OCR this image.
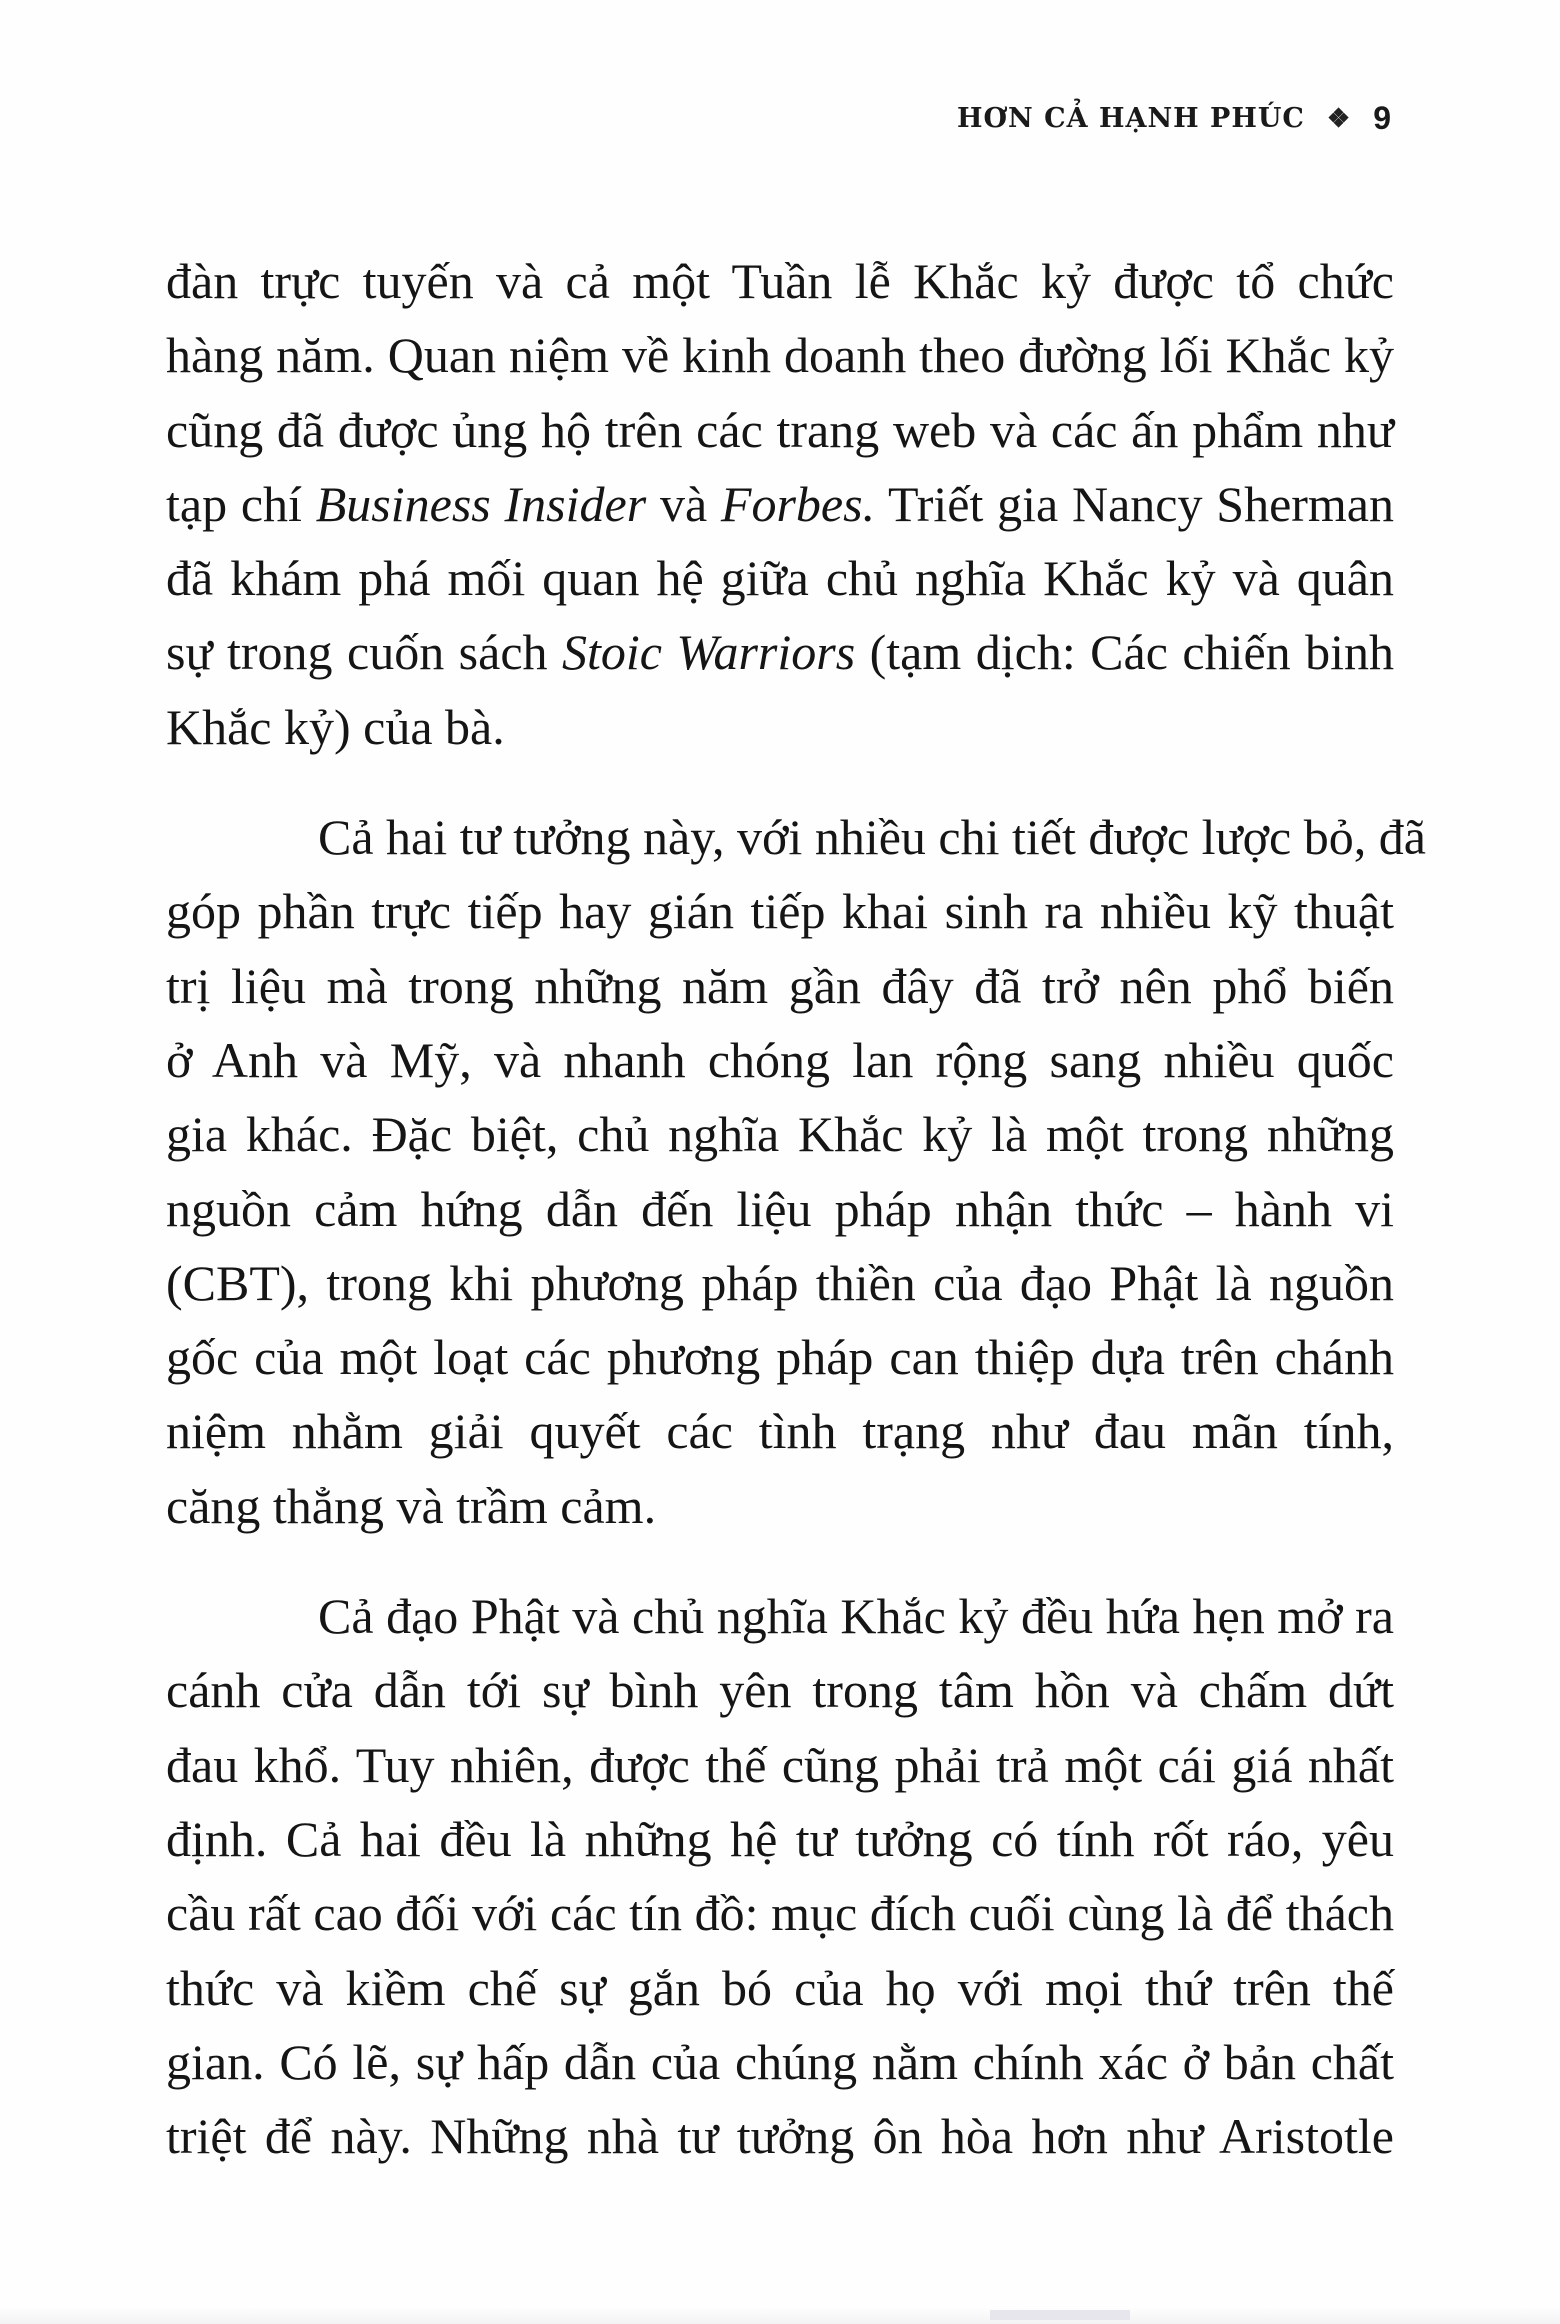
HƠN CẢ HẠNH PHÚC ❖ 9
đàn trực tuyến và cả một Tuần lễ Khắc kỷ được tổ chức
hàng năm. Quan niệm về kinh doanh theo đường lối Khắc kỷ
cũng đã được ủng hộ trên các trang web và các ấn phẩm như
tạp chí Business Insider và Forbes. Triết gia Nancy Sherman
đã khám phá mối quan hệ giữa chủ nghĩa Khắc kỷ và quân
sự trong cuốn sách Stoic Warriors (tạm dịch: Các chiến binh
Khắc kỷ) của bà.
Cả hai tư tưởng này, với nhiều chi tiết được lược bỏ, đã
góp phần trực tiếp hay gián tiếp khai sinh ra nhiều kỹ thuật
trị liệu mà trong những năm gần đây đã trở nên phổ biến
ở Anh và Mỹ, và nhanh chóng lan rộng sang nhiều quốc
gia khác. Đặc biệt, chủ nghĩa Khắc kỷ là một trong những
nguồn cảm hứng dẫn đến liệu pháp nhận thức – hành vi
(CBT), trong khi phương pháp thiền của đạo Phật là nguồn
gốc của một loạt các phương pháp can thiệp dựa trên chánh
niệm nhằm giải quyết các tình trạng như đau mãn tính,
căng thẳng và trầm cảm.
Cả đạo Phật và chủ nghĩa Khắc kỷ đều hứa hẹn mở ra
cánh cửa dẫn tới sự bình yên trong tâm hồn và chấm dứt
đau khổ. Tuy nhiên, được thế cũng phải trả một cái giá nhất
định. Cả hai đều là những hệ tư tưởng có tính rốt ráo, yêu
cầu rất cao đối với các tín đồ: mục đích cuối cùng là để thách
thức và kiềm chế sự gắn bó của họ với mọi thứ trên thế
gian. Có lẽ, sự hấp dẫn của chúng nằm chính xác ở bản chất
triệt để này. Những nhà tư tưởng ôn hòa hơn như Aristotle
